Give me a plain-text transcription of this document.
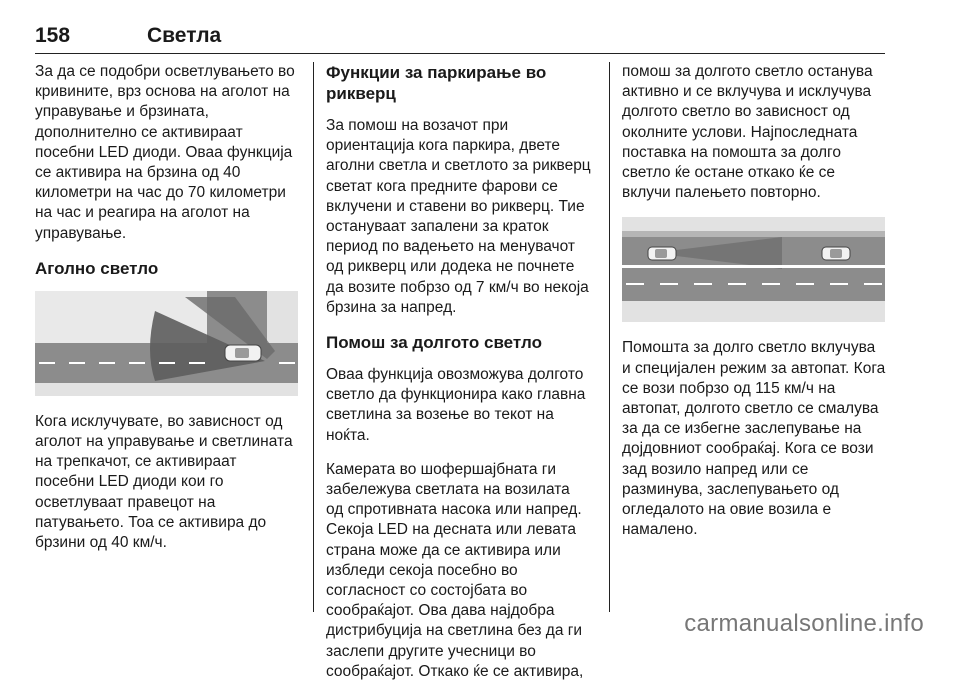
158	Светла

За да се подобри осветлувањето во кривините, врз основа на аголот на управување и брзината, дополнително се активираат посебни LED диоди. Оваа функција се активира на брзина од 40 километри на час до 70 километри на час и реагира на аголот на управување.

Аголно светло

Кога исклучувате, во зависност од аголот на управување и светлината на трепкачот, се активираат посебни LED диоди кои го осветлуваат правецот на патувањето. Тоа се активира до брзини од 40 км/ч.

Функции за паркирање во рикверц

За помош на возачот при ориентација кога паркира, двете аголни светла и светлото за рикверц светат кога предните фарови се вклучени и ставени во рикверц. Тие остануваат запалени за краток период по вадењето на менувачот од рикверц или додека не почнете да возите побрзо од 7 км/ч во некоја брзина за напред.

Помош за долгото светло

Оваа функција овозможува долгото светло да функционира како главна светлина за возење во текот на ноќта.

Камерата во шофершајбната ги забележува светлата на возилата од спротивната насока или напред. Секоја LED на десната или левата страна може да се активира или избледи секоја посебно во согласност со состојбата во сообраќајот. Ова дава најдобра дистрибуција на светлина без да ги заслепи другите учесници во сообраќајот. Откако ќе се активира,

помош за долгото светло останува активно и се вклучува и исклучува долгото светло во зависност од околните услови. Најпоследната поставка на помошта за долго светло ќе остане откако ќе се вклучи палењето повторно.

Помошта за долго светло вклучува и специјален режим за автопат. Кога се вози побрзо од 115 км/ч на автопат, долгото светло се смалува за да се избегне заслепување на дојдовниот сообраќај. Кога се вози зад возило напред или се разминува, заслепувањето од огледалото на овие возила е намалено.

carmanualsonline.info
